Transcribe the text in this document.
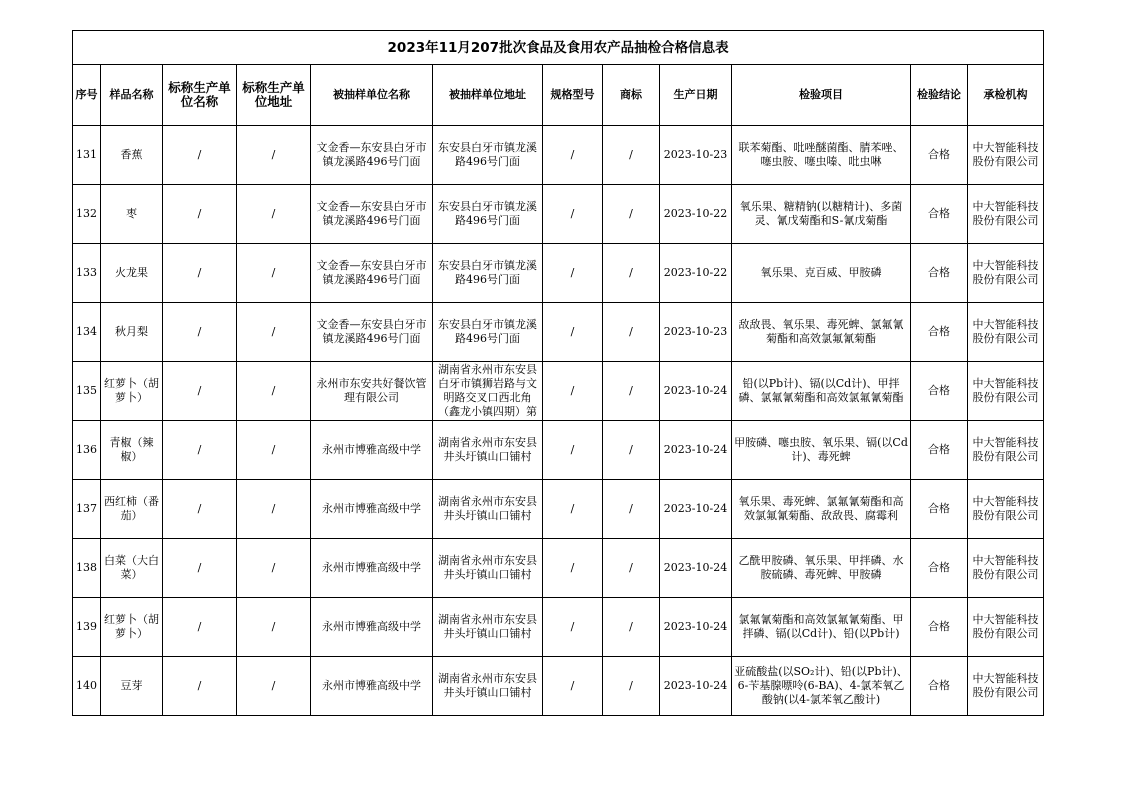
2023年11月207批次食品及食用农产品抽检合格信息表											
序号	样品名称	标称生产单位名称	标称生产单位地址	被抽样单位名称	被抽样单位地址	规格型号	商标	生产日期	检验项目	检验结论	承检机构
131	香蕉	/	/	文金香—东安县白牙市镇龙溪路496号门面	东安县白牙市镇龙溪路496号门面	/	/	2023-10-23	联苯菊酯、吡唑醚菌酯、腈苯唑、噻虫胺、噻虫嗪、吡虫啉	合格	中大智能科技股份有限公司
132	枣	/	/	文金香—东安县白牙市镇龙溪路496号门面	东安县白牙市镇龙溪路496号门面	/	/	2023-10-22	氧乐果、糖精钠(以糖精计)、多菌灵、氰戊菊酯和S-氰戊菊酯	合格	中大智能科技股份有限公司
133	火龙果	/	/	文金香—东安县白牙市镇龙溪路496号门面	东安县白牙市镇龙溪路496号门面	/	/	2023-10-22	氧乐果、克百威、甲胺磷	合格	中大智能科技股份有限公司
134	秋月梨	/	/	文金香—东安县白牙市镇龙溪路496号门面	东安县白牙市镇龙溪路496号门面	/	/	2023-10-23	敌敌畏、氧乐果、毒死蜱、氯氟氰菊酯和高效氯氟氰菊酯	合格	中大智能科技股份有限公司
135	红萝卜（胡萝卜）	/	/	永州市东安共好餐饮管理有限公司	湖南省永州市东安县白牙市镇狮岩路与文明路交叉口西北角（鑫龙小镇四期）第	/	/	2023-10-24	铅(以Pb计)、镉(以Cd计)、甲拌磷、氯氟氰菊酯和高效氯氟氰菊酯	合格	中大智能科技股份有限公司
136	青椒（辣椒）	/	/	永州市博雅高级中学	湖南省永州市东安县井头圩镇山口铺村	/	/	2023-10-24	甲胺磷、噻虫胺、氧乐果、镉(以Cd计)、毒死蜱	合格	中大智能科技股份有限公司
137	西红柿（番茄）	/	/	永州市博雅高级中学	湖南省永州市东安县井头圩镇山口铺村	/	/	2023-10-24	氧乐果、毒死蜱、氯氟氰菊酯和高效氯氟氰菊酯、敌敌畏、腐霉利	合格	中大智能科技股份有限公司
138	白菜（大白菜）	/	/	永州市博雅高级中学	湖南省永州市东安县井头圩镇山口铺村	/	/	2023-10-24	乙酰甲胺磷、氧乐果、甲拌磷、水胺硫磷、毒死蜱、甲胺磷	合格	中大智能科技股份有限公司
139	红萝卜（胡萝卜）	/	/	永州市博雅高级中学	湖南省永州市东安县井头圩镇山口铺村	/	/	2023-10-24	氯氟氰菊酯和高效氯氟氰菊酯、甲拌磷、镉(以Cd计)、铅(以Pb计)	合格	中大智能科技股份有限公司
140	豆芽	/	/	永州市博雅高级中学	湖南省永州市东安县井头圩镇山口铺村	/	/	2023-10-24	亚硫酸盐(以SO₂计)、铅(以Pb计)、6-苄基腺嘌呤(6-BA)、4-氯苯氧乙酸钠(以4-氯苯氧乙酸计)	合格	中大智能科技股份有限公司
